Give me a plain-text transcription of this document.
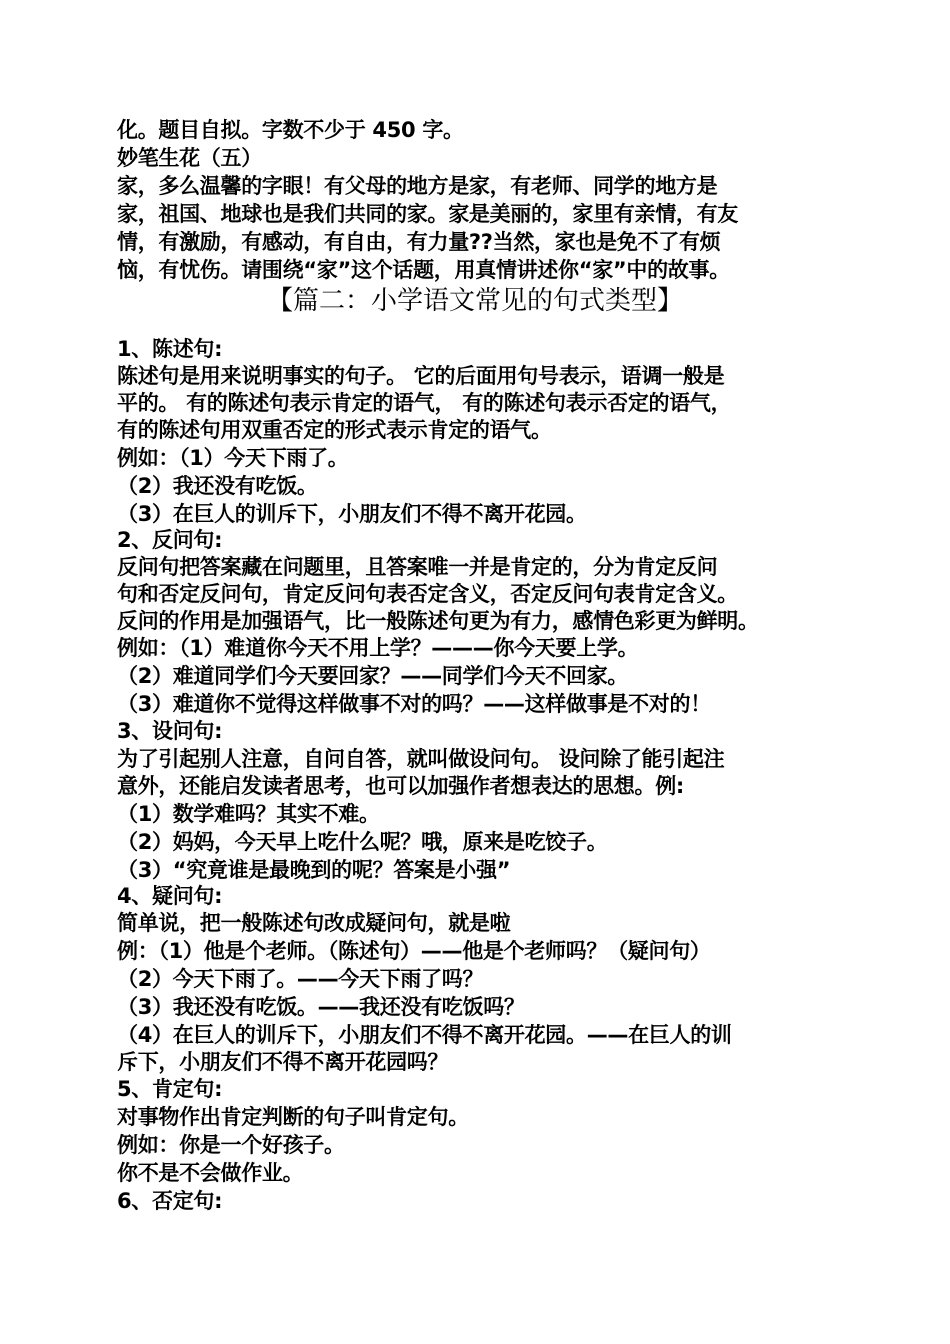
化。题目自拟。字数不少于 450 字。
妙笔生花（五）
家，多么温馨的字眼！有父母的地方是家，有老师、同学的地方是
家，祖国、地球也是我们共同的家。家是美丽的，家里有亲情，有友
情，有激励，有感动，有自由，有力量??当然，家也是免不了有烦
恼，有忧伤。请围绕“家”这个话题，用真情讲述你“家”中的故事。
【篇二：小学语文常见的句式类型】
1、陈述句:
陈述句是用来说明事实的句子。 它的后面用句号表示，语调一般是
平的。 有的陈述句表示肯定的语气， 有的陈述句表示否定的语气，
有的陈述句用双重否定的形式表示肯定的语气。
例如：（1）今天下雨了。
（2）我还没有吃饭。
（3）在巨人的训斥下，小朋友们不得不离开花园。
2、反问句:
反问句把答案藏在问题里，且答案唯一并是肯定的，分为肯定反问
句和否定反问句，肯定反问句表否定含义，否定反问句表肯定含义。
反问的作用是加强语气，比一般陈述句更为有力，感情色彩更为鲜明。
例如：（1）难道你今天不用上学？———你今天要上学。
（2）难道同学们今天要回家？——同学们今天不回家。
（3）难道你不觉得这样做事不对的吗？——这样做事是不对的！
3、设问句:
为了引起别人注意，自问自答，就叫做设问句。 设问除了能引起注
意外，还能启发读者思考，也可以加强作者想表达的思想。例:
（1）数学难吗？其实不难。
（2）妈妈，今天早上吃什么呢？哦，原来是吃饺子。
（3）“究竟谁是最晚到的呢？答案是小强”
4、疑问句:
简单说，把一般陈述句改成疑问句，就是啦
例：（1）他是个老师。（陈述句）——他是个老师吗？（疑问句）
（2）今天下雨了。——今天下雨了吗？
（3）我还没有吃饭。——我还没有吃饭吗？
（4）在巨人的训斥下，小朋友们不得不离开花园。——在巨人的训
斥下，小朋友们不得不离开花园吗？
5、肯定句:
对事物作出肯定判断的句子叫肯定句。
例如：你是一个好孩子。
你不是不会做作业。
6、否定句:
